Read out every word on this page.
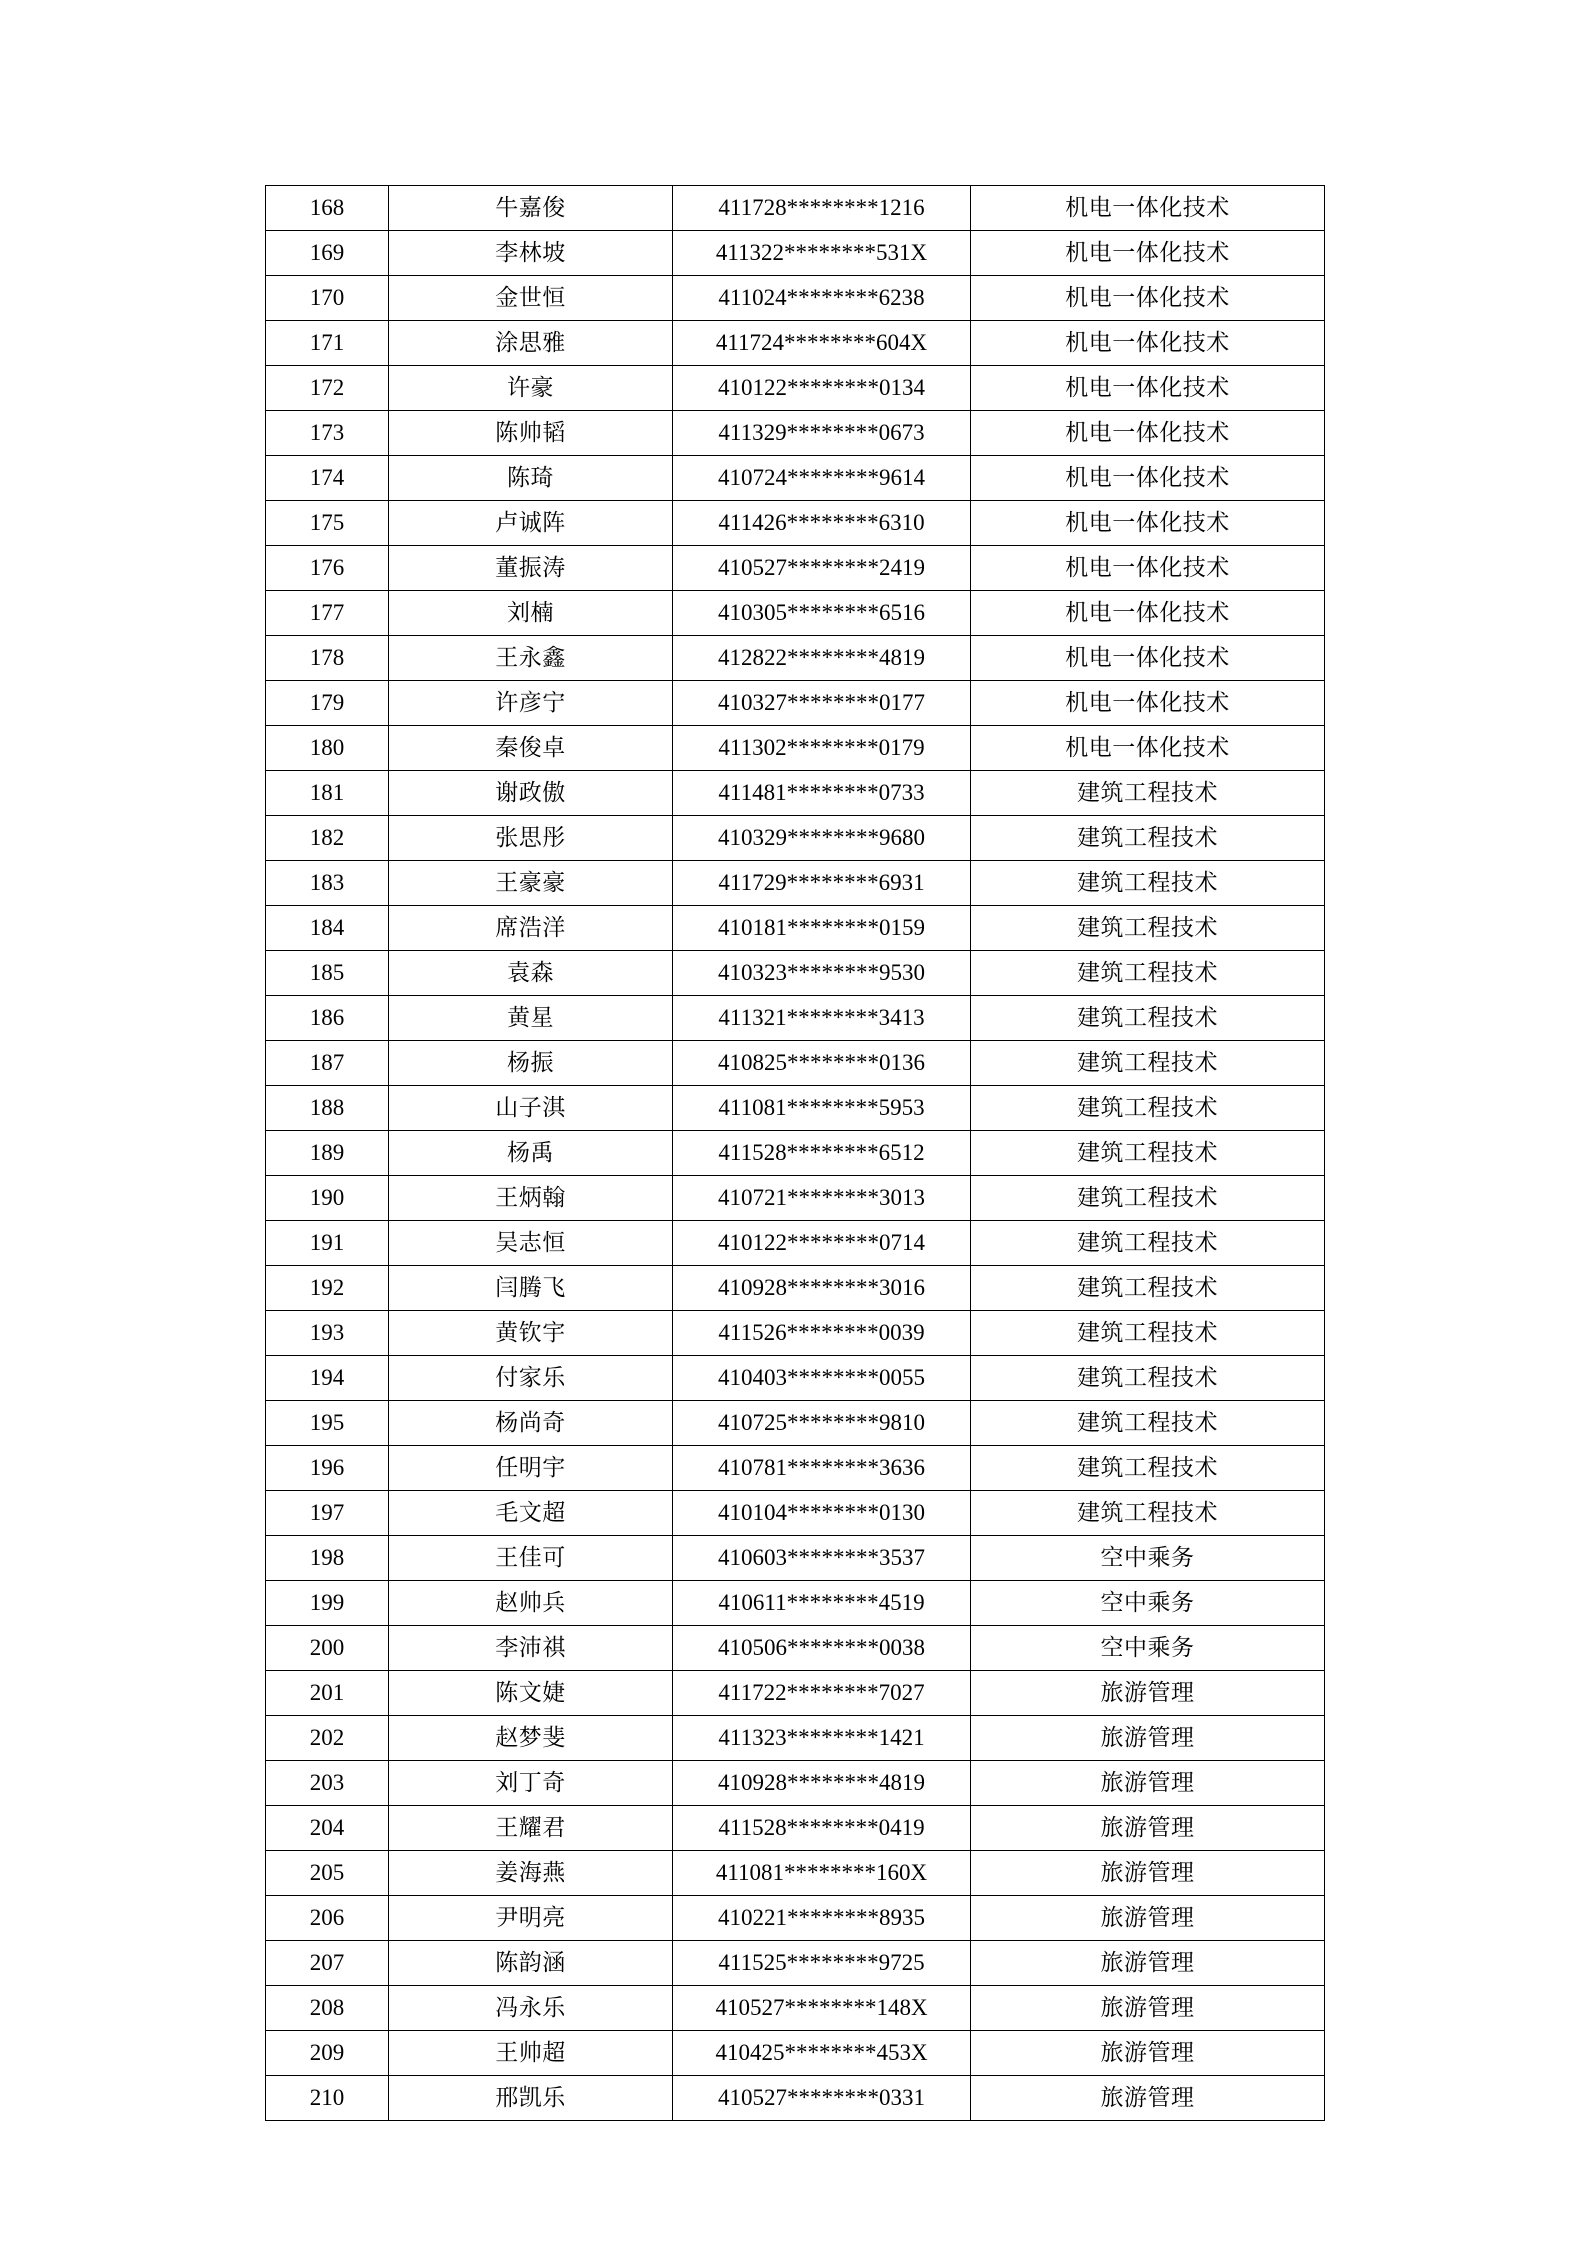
168	牛嘉俊	411728********1216	机电一体化技术
169	李林坡	411322********531X	机电一体化技术
170	金世恒	411024********6238	机电一体化技术
171	涂思雅	411724********604X	机电一体化技术
172	许豪	410122********0134	机电一体化技术
173	陈帅韬	411329********0673	机电一体化技术
174	陈琦	410724********9614	机电一体化技术
175	卢诚阵	411426********6310	机电一体化技术
176	董振涛	410527********2419	机电一体化技术
177	刘楠	410305********6516	机电一体化技术
178	王永鑫	412822********4819	机电一体化技术
179	许彦宁	410327********0177	机电一体化技术
180	秦俊卓	411302********0179	机电一体化技术
181	谢政傲	411481********0733	建筑工程技术
182	张思彤	410329********9680	建筑工程技术
183	王豪豪	411729********6931	建筑工程技术
184	席浩洋	410181********0159	建筑工程技术
185	袁森	410323********9530	建筑工程技术
186	黄星	411321********3413	建筑工程技术
187	杨振	410825********0136	建筑工程技术
188	山子淇	411081********5953	建筑工程技术
189	杨禹	411528********6512	建筑工程技术
190	王炳翰	410721********3013	建筑工程技术
191	吴志恒	410122********0714	建筑工程技术
192	闫腾飞	410928********3016	建筑工程技术
193	黄钦宇	411526********0039	建筑工程技术
194	付家乐	410403********0055	建筑工程技术
195	杨尚奇	410725********9810	建筑工程技术
196	任明宇	410781********3636	建筑工程技术
197	毛文超	410104********0130	建筑工程技术
198	王佳可	410603********3537	空中乘务
199	赵帅兵	410611********4519	空中乘务
200	李沛祺	410506********0038	空中乘务
201	陈文婕	411722********7027	旅游管理
202	赵梦斐	411323********1421	旅游管理
203	刘丁奇	410928********4819	旅游管理
204	王耀君	411528********0419	旅游管理
205	姜海燕	411081********160X	旅游管理
206	尹明亮	410221********8935	旅游管理
207	陈韵涵	411525********9725	旅游管理
208	冯永乐	410527********148X	旅游管理
209	王帅超	410425********453X	旅游管理
210	邢凯乐	410527********0331	旅游管理
